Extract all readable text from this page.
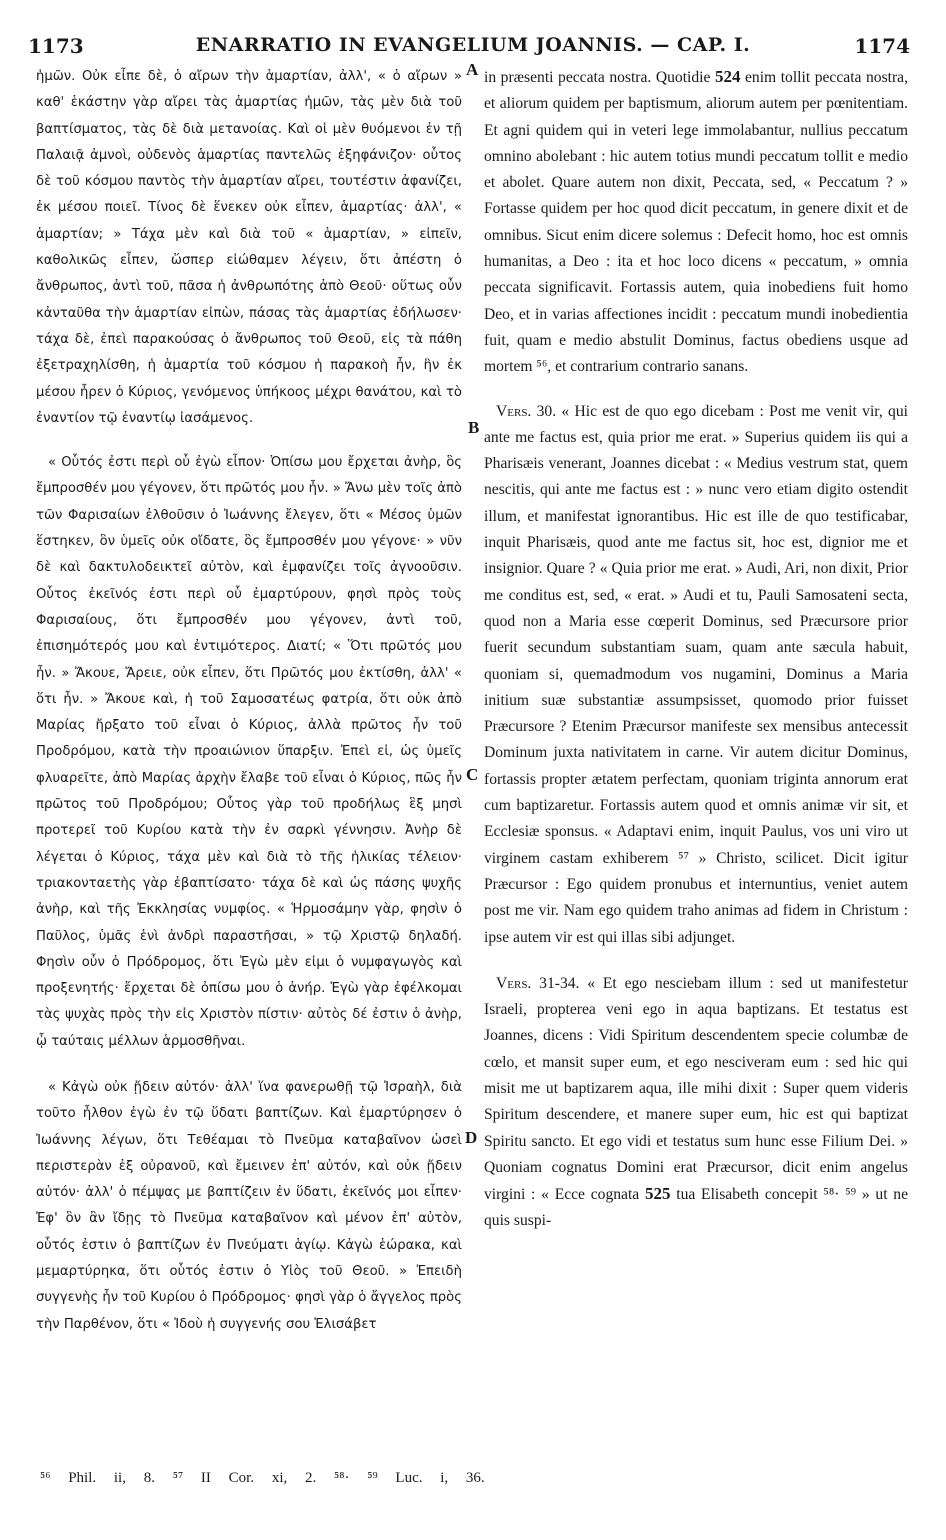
1173	ENARRATIO IN EVANGELIUM JOANNIS. — CAP. I.	1174
A
B
C
D

ἡμῶν. Οὐκ εἶπε δὲ, ὁ αἴρων τὴν ἁμαρτίαν, ἀλλ', « ὁ αἴρων » καθ' ἑκάστην γὰρ αἴρει τὰς ἁμαρτίας ἡμῶν, τὰς μὲν διὰ τοῦ βαπτίσματος, τὰς δὲ διὰ μετανοίας. Καὶ οἱ μὲν θυόμενοι ἐν τῇ Παλαιᾷ ἀμνοὶ, οὐδενὸς ἁμαρτίας παντελῶς ἐξηφάνιζον· οὗτος δὲ τοῦ κόσμου παντὸς τὴν ἁμαρτίαν αἴρει, τουτέστιν ἀφανίζει, ἐκ μέσου ποιεῖ. Τίνος δὲ ἕνεκεν οὐκ εἶπεν, ἁμαρτίας· ἀλλ', « ἁμαρτίαν; » Τάχα μὲν καὶ διὰ τοῦ « ἁμαρτίαν, » εἰπεῖν, καθολικῶς εἶπεν, ὥσπερ εἰώθαμεν λέγειν, ὅτι ἀπέστη ὁ ἄνθρωπος, ἀντὶ τοῦ, πᾶσα ἡ ἀνθρωπότης ἀπὸ Θεοῦ· οὕτως οὖν κἀνταῦθα τὴν ἁμαρτίαν εἰπὼν, πάσας τὰς ἁμαρτίας ἐδήλωσεν· τάχα δὲ, ἐπεὶ παρακούσας ὁ ἄνθρωπος τοῦ Θεοῦ, εἰς τὰ πάθη ἐξετραχηλίσθη, ἡ ἁμαρτία τοῦ κόσμου ἡ παρακοὴ ἦν, ἣν ἐκ μέσου ἦρεν ὁ Κύριος, γενόμενος ὑπήκοος μέχρι θανάτου, καὶ τὸ ἐναντίον τῷ ἐναντίῳ ἰασάμενος.

« Οὗτός ἐστι περὶ οὗ ἐγὼ εἶπον· Ὀπίσω μου ἔρχεται ἀνὴρ, ὃς ἔμπροσθέν μου γέγονεν, ὅτι πρῶτός μου ἦν. » Ἄνω μὲν τοῖς ἀπὸ τῶν Φαρισαίων ἐλθοῦσιν ὁ Ἰωάννης ἔλεγεν, ὅτι « Μέσος ὑμῶν ἕστηκεν, ὃν ὑμεῖς οὐκ οἴδατε, ὃς ἔμπροσθέν μου γέγονε· » νῦν δὲ καὶ δακτυλοδεικτεῖ αὐτὸν, καὶ ἐμφανίζει τοῖς ἀγνοοῦσιν. Οὗτος ἐκεῖνός ἐστι περὶ οὗ ἐμαρτύρουν, φησὶ πρὸς τοὺς Φαρισαίους, ὅτι ἔμπροσθέν μου γέγονεν, ἀντὶ τοῦ, ἐπισημότερός μου καὶ ἐντιμότερος. Διατί; « Ὅτι πρῶτός μου ἦν. » Ἄκουε, Ἄρειε, οὐκ εἶπεν, ὅτι Πρῶτός μου ἐκτίσθη, ἀλλ' « ὅτι ἦν. » Ἄκουε καὶ, ἡ τοῦ Σαμοσατέως φατρία, ὅτι οὐκ ἀπὸ Μαρίας ἤρξατο τοῦ εἶναι ὁ Κύριος, ἀλλὰ πρῶτος ἦν τοῦ Προδρόμου, κατὰ τὴν προαιώνιον ὕπαρξιν. Ἐπεὶ εἰ, ὡς ὑμεῖς φλυαρεῖτε, ἀπὸ Μαρίας ἀρχὴν ἔλαβε τοῦ εἶναι ὁ Κύριος, πῶς ἦν πρῶτος τοῦ Προδρόμου; Οὗτος γὰρ τοῦ προδήλως ἓξ μησὶ προτερεῖ τοῦ Κυρίου κατὰ τὴν ἐν σαρκὶ γέννησιν. Ἀνὴρ δὲ λέγεται ὁ Κύριος, τάχα μὲν καὶ διὰ τὸ τῆς ἡλικίας τέλειον· τριακονταετὴς γὰρ ἐβαπτίσατο· τάχα δὲ καὶ ὡς πάσης ψυχῆς ἀνὴρ, καὶ τῆς Ἐκκλησίας νυμφίος. « Ἡρμοσάμην γὰρ, φησὶν ὁ Παῦλος, ὑμᾶς ἑνὶ ἀνδρὶ παραστῆσαι, » τῷ Χριστῷ δηλαδή. Φησὶν οὖν ὁ Πρόδρομος, ὅτι Ἐγὼ μὲν εἰμι ὁ νυμφαγωγὸς καὶ προξενητής· ἔρχεται δὲ ὀπίσω μου ὁ ἀνήρ. Ἐγὼ γὰρ ἐφέλκομαι τὰς ψυχὰς πρὸς τὴν εἰς Χριστὸν πίστιν· αὐτὸς δέ ἐστιν ὁ ἀνὴρ, ᾧ ταύταις μέλλων ἁρμοσθῆναι.

« Κἀγὼ οὐκ ᾔδειν αὐτόν· ἀλλ' ἵνα φανερωθῇ τῷ Ἰσραὴλ, διὰ τοῦτο ἦλθον ἐγὼ ἐν τῷ ὕδατι βαπτίζων. Καὶ ἐμαρτύρησεν ὁ Ἰωάννης λέγων, ὅτι Τεθέαμαι τὸ Πνεῦμα καταβαῖνον ὡσεὶ περιστερὰν ἐξ οὐρανοῦ, καὶ ἔμεινεν ἐπ' αὐτόν, καὶ οὐκ ᾔδειν αὐτόν· ἀλλ' ὁ πέμψας με βαπτίζειν ἐν ὕδατι, ἐκεῖνός μοι εἶπεν· Ἐφ' ὃν ἂν ἴδῃς τὸ Πνεῦμα καταβαῖνον καὶ μένον ἐπ' αὐτὸν, οὗτός ἐστιν ὁ βαπτίζων ἐν Πνεύματι ἁγίῳ. Κἀγὼ ἑώρακα, καὶ μεμαρτύρηκα, ὅτι οὗτός ἐστιν ὁ Υἱὸς τοῦ Θεοῦ. » Ἐπειδὴ συγγενὴς ἦν τοῦ Κυρίου ὁ Πρόδρομος· φησὶ γὰρ ὁ ἄγγελος πρὸς τὴν Παρθένον, ὅτι « Ἰδοὺ ἡ συγγενής σου Ἐλισάβετ

in præsenti peccata nostra. Quotidie 524 enim tollit peccata nostra, et aliorum quidem per baptismum, aliorum autem per pœnitentiam. Et agni quidem qui in veteri lege immolabantur, nullius peccatum omnino abolebant : hic autem totius mundi peccatum tollit e medio et abolet. Quare autem non dixit, Peccata, sed, « Peccatum ? » Fortasse quidem per hoc quod dicit peccatum, in genere dixit et de omnibus. Sicut enim dicere solemus : Defecit homo, hoc est omnis humanitas, a Deo : ita et hoc loco dicens « peccatum, » omnia peccata significavit. Fortassis autem, quia inobediens fuit homo Deo, et in varias affectiones incidit : peccatum mundi inobedientia fuit, quam e medio abstulit Dominus, factus obediens usque ad mortem ⁵⁶, et contrarium contrario sanans.

Vers. 30. « Hic est de quo ego dicebam : Post me venit vir, qui ante me factus est, quia prior me erat. » Superius quidem iis qui a Pharisæis venerant, Joannes dicebat : « Medius vestrum stat, quem nescitis, qui ante me factus est : » nunc vero etiam digito ostendit illum, et manifestat ignorantibus. Hic est ille de quo testificabar, inquit Pharisæis, quod ante me factus sit, hoc est, dignior me et insignior. Quare ? « Quia prior me erat. » Audi, Ari, non dixit, Prior me conditus est, sed, « erat. » Audi et tu, Pauli Samosateni secta, quod non a Maria esse cœperit Dominus, sed Præcursore prior fuerit secundum substantiam suam, quam ante sæcula habuit, quoniam si, quemadmodum vos nugamini, Dominus a Maria initium suæ substantiæ assumpsisset, quomodo prior fuisset Præcursore ? Etenim Præcursor manifeste sex mensibus antecessit Dominum juxta nativitatem in carne. Vir autem dicitur Dominus, fortassis propter ætatem perfectam, quoniam triginta annorum erat cum baptizaretur. Fortassis autem quod et omnis animæ vir sit, et Ecclesiæ sponsus. « Adaptavi enim, inquit Paulus, vos uni viro ut virginem castam exhiberem ⁵⁷ » Christo, scilicet. Dicit igitur Præcursor : Ego quidem pronubus et internuntius, veniet autem post me vir. Nam ego quidem traho animas ad fidem in Christum : ipse autem vir est qui illas sibi adjunget.

Vers. 31-34. « Et ego nesciebam illum : sed ut manifestetur Israeli, propterea veni ego in aqua baptizans. Et testatus est Joannes, dicens : Vidi Spiritum descendentem specie columbæ de cœlo, et mansit super eum, et ego nesciveram eum : sed hic qui misit me ut baptizarem aqua, ille mihi dixit : Super quem videris Spiritum descendere, et manere super eum, hic est qui baptizat Spiritu sancto. Et ego vidi et testatus sum hunc esse Filium Dei. » Quoniam cognatus Domini erat Præcursor, dicit enim angelus virgini : « Ecce cognata 525 tua Elisabeth concepit ⁵⁸· ⁵⁹ » ut ne quis suspi-

⁵⁶ Phil. ii, 8. ⁵⁷ II Cor. xi, 2. ⁵⁸· ⁵⁹ Luc. i, 36.
